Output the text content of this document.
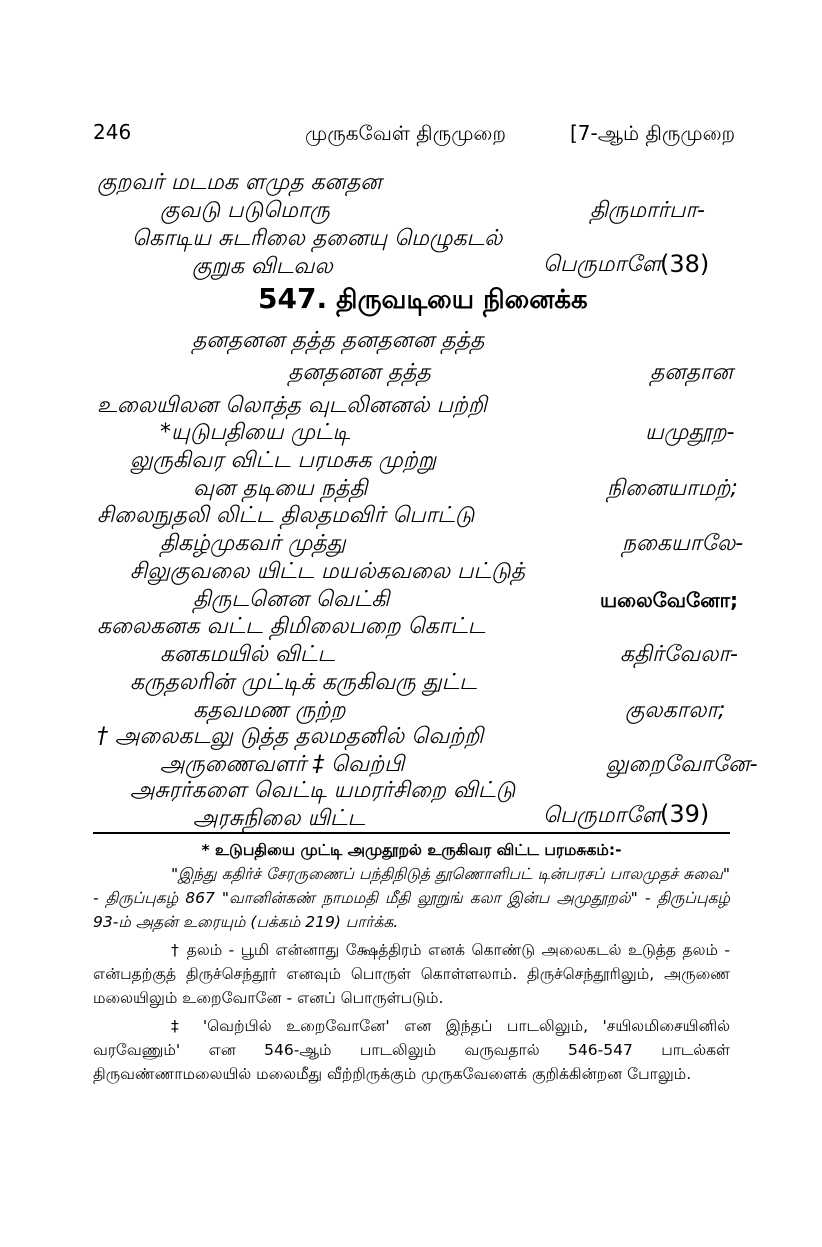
246	முருகவேள் திருமுறை	[7-ஆம் திருமுறை
குறவர் மடமக ளமுத கனதன
குவடு படுமொரு	திருமார்பா-
கொடிய சுடரிலை தனையு மெழுகடல்
குறுக விடவல	பெருமாளே
(38)
547. திருவடியை நினைக்க
தனதனன தத்த தனதனன தத்த
தனதனன தத்த	தனதான
உலையிலன லொத்த வுடலினனல் பற்றி
*யுடுபதியை முட்டி	யமுதூற-
லுருகிவர விட்ட பரமசுக முற்று
வுன தடியை நத்தி	நினையாமற்;
சிலைநுதலி லிட்ட திலதமவிர் பொட்டு
திகழ்முகவர் முத்து	நகையாலே-
சிலுகுவலை யிட்ட மயல்கவலை பட்டுத்
திருடனென வெட்கி	யலைவேனோ;
கலைகனக வட்ட திமிலைபறை கொட்ட
கனகமயில் விட்ட	கதிர்வேலா-
கருதலரின் முட்டிக் கருகிவரு துட்ட
கதவமண ருற்ற	குலகாலா;
† அலைகடலு டுத்த தலமதனில் வெற்றி
அருணைவளர் ‡ வெற்பி	லுறைவோனே-
அசுரர்களை வெட்டி யமரர்சிறை விட்டு
அரசுநிலை யிட்ட	பெருமாளே
(39)

* உடுபதியை முட்டி அமுதூறல் உருகிவர விட்ட பரமசுகம்:-

"இந்து கதிர்ச் சேரருணைப் பந்திநிடுத் தூணொளிபட் டின்பரசப் பாலமுதச் சுவை" - திருப்புகழ் 867 "வானின்கண் நாமமதி மீதி லூறுங் கலா இன்ப அமுதூறல்" - திருப்புகழ் 93-ம் அதன் உரையும் (பக்கம் 219) பார்க்க.

† தலம் - பூமி என்னாது க்ஷேத்திரம் எனக் கொண்டு அலைகடல் உடுத்த தலம் - என்பதற்குத் திருச்செந்தூர் எனவும் பொருள் கொள்ளலாம். திருச்செந்தூரிலும், அருணை மலையிலும் உறைவோனே - எனப் பொருள்படும்.

‡ 'வெற்பில் உறைவோனே' என இந்தப் பாடலிலும், 'சயிலமிசையினில் வரவேணும்' என 546-ஆம் பாடலிலும் வருவதால் 546-547 பாடல்கள் திருவண்ணாமலையில் மலைமீது வீற்றிருக்கும் முருகவேளைக் குறிக்கின்றன போலும்.
